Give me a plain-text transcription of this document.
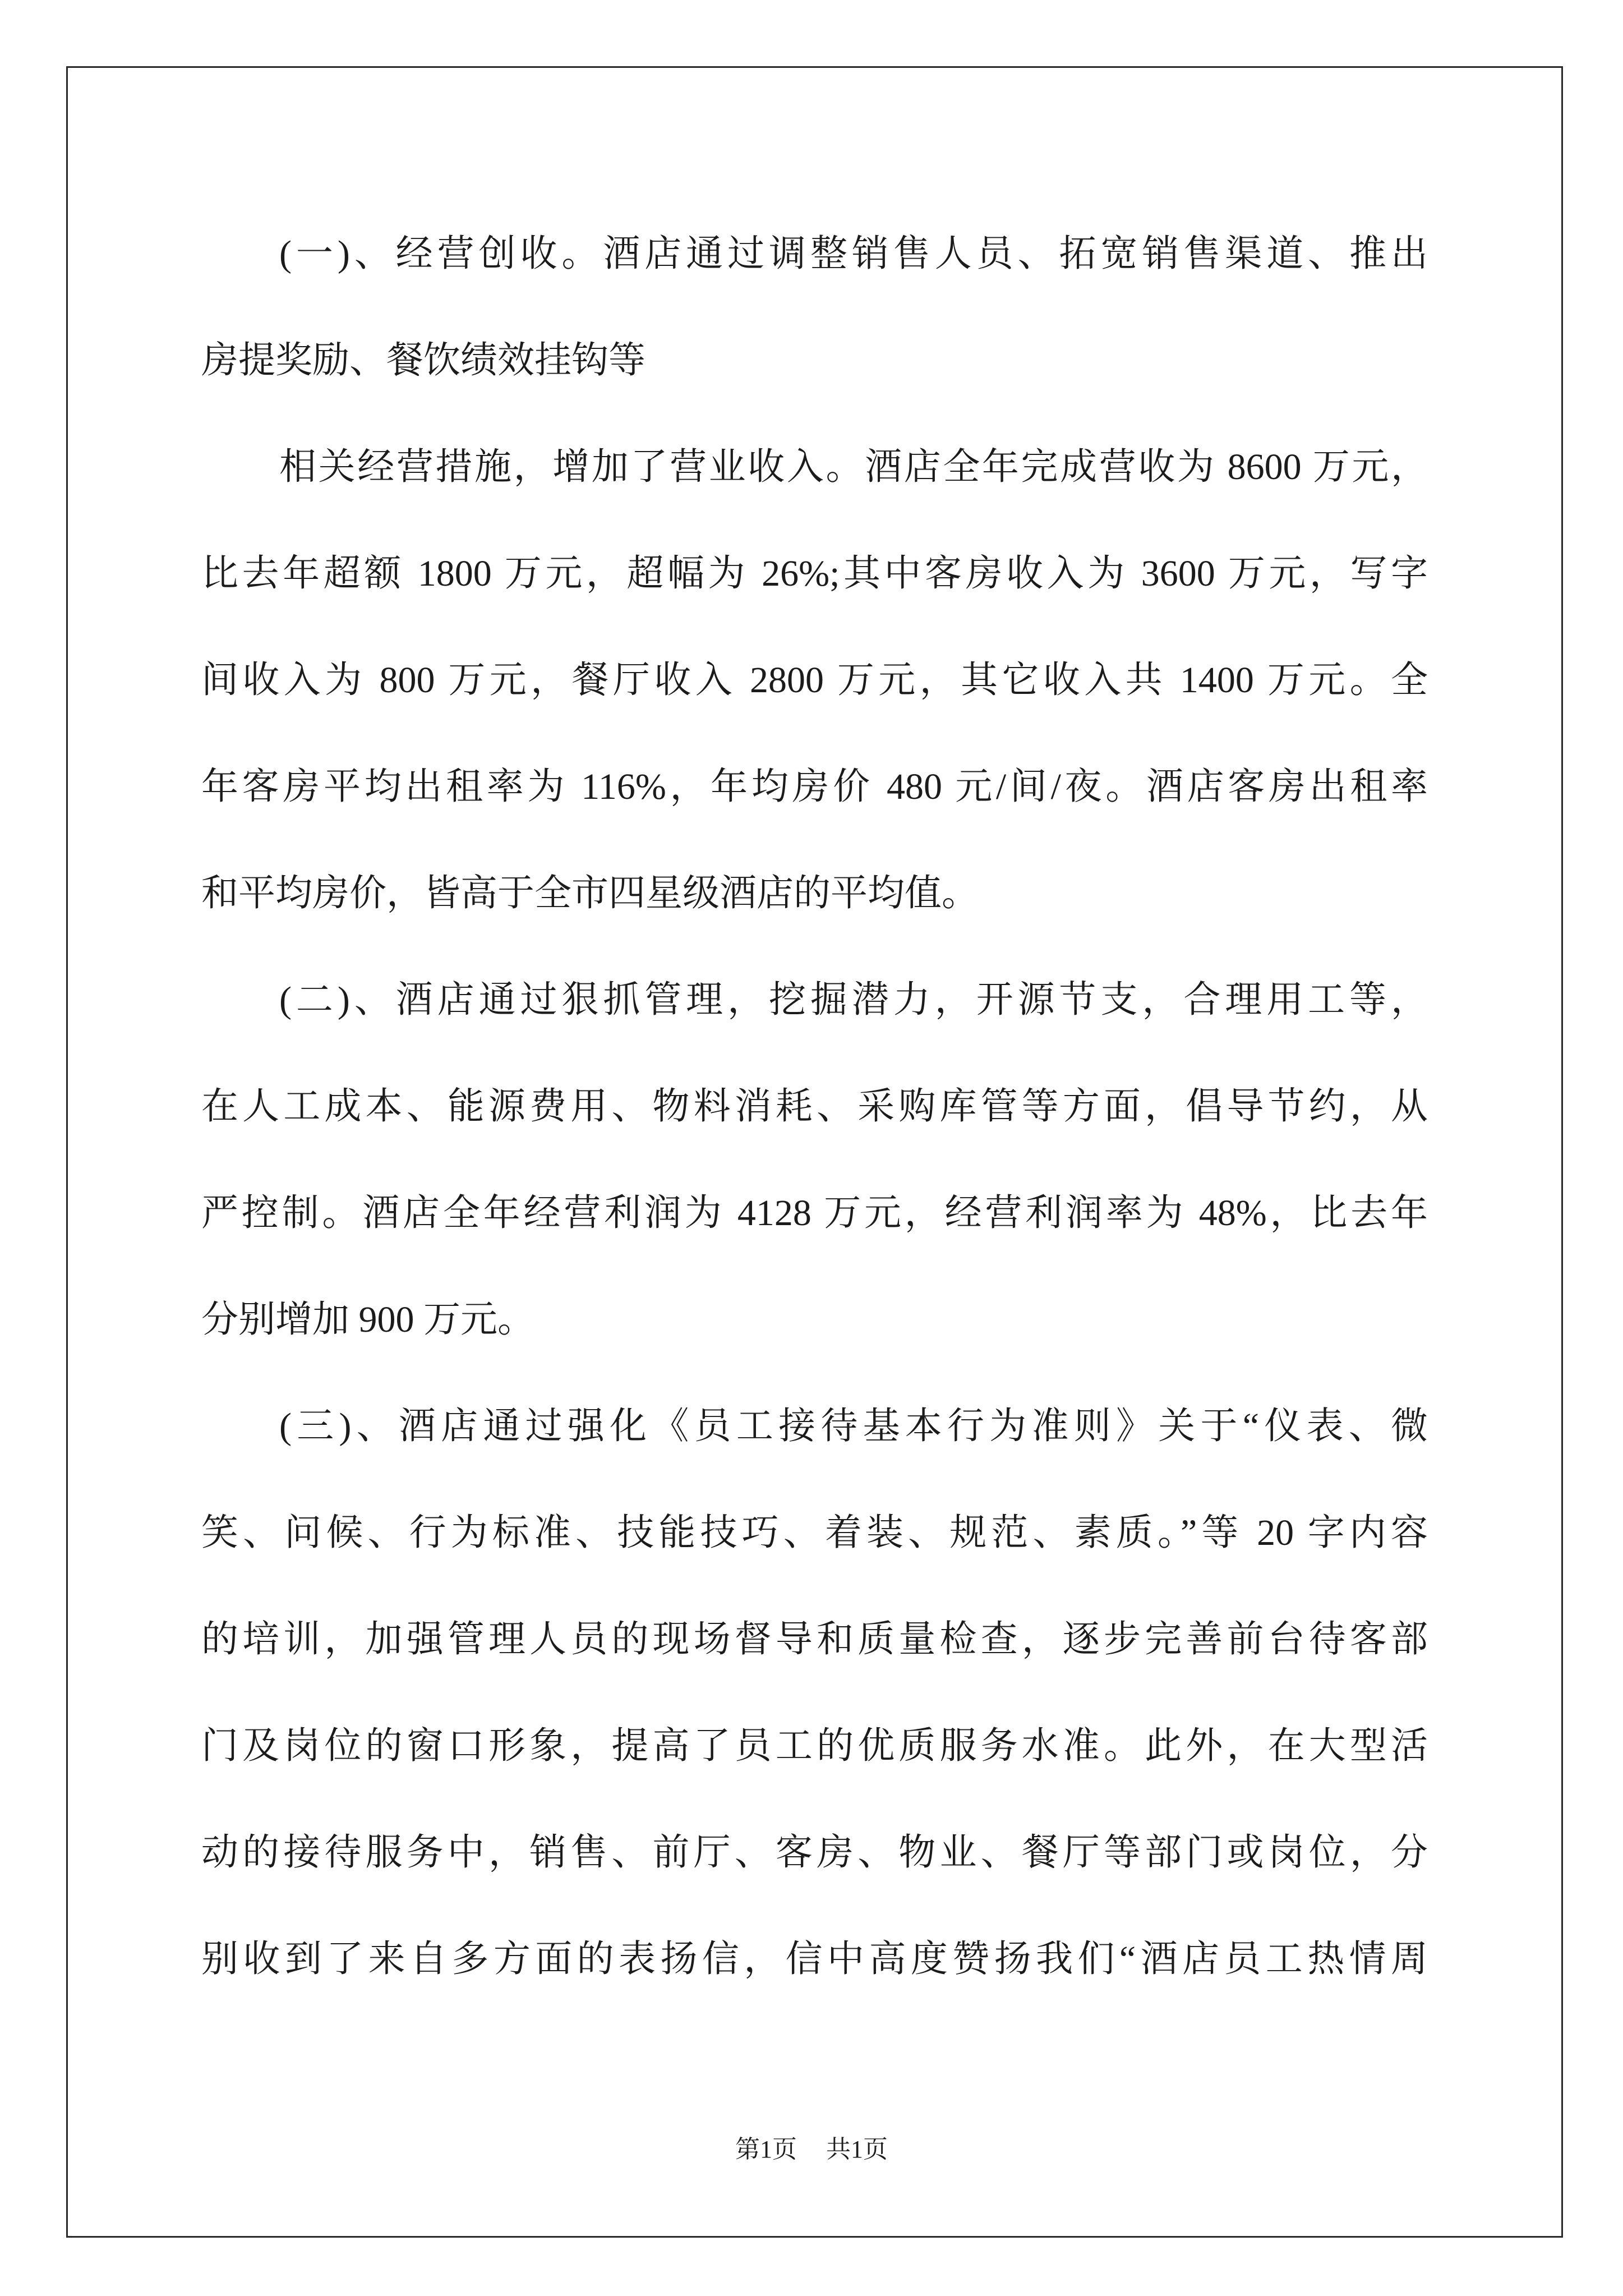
(一)、经营创收。酒店通过调整销售人员、拓宽销售渠道、推出
房提奖励、餐饮绩效挂钩等
相关经营措施，增加了营业收入。酒店全年完成营收为 8600 万元，
比去年超额 1800 万元，超幅为 26%;其中客房收入为 3600 万元，写字
间收入为 800 万元，餐厅收入 2800 万元，其它收入共 1400 万元。全
年客房平均出租率为 116%，年均房价 480 元/间/夜。酒店客房出租率
和平均房价，皆高于全市四星级酒店的平均值。
(二)、酒店通过狠抓管理，挖掘潜力，开源节支，合理用工等，
在人工成本、能源费用、物料消耗、采购库管等方面，倡导节约，从
严控制。酒店全年经营利润为 4128 万元，经营利润率为 48%，比去年
分别增加 900 万元。
(三)、酒店通过强化《员工接待基本行为准则》关于“仪表、微
笑、问候、行为标准、技能技巧、着装、规范、素质。”等 20 字内容
的培训，加强管理人员的现场督导和质量检查，逐步完善前台待客部
门及岗位的窗口形象，提高了员工的优质服务水准。此外，在大型活
动的接待服务中，销售、前厅、客房、物业、餐厅等部门或岗位，分
别收到了来自多方面的表扬信，信中高度赞扬我们“酒店员工热情周
第1页 共1页
